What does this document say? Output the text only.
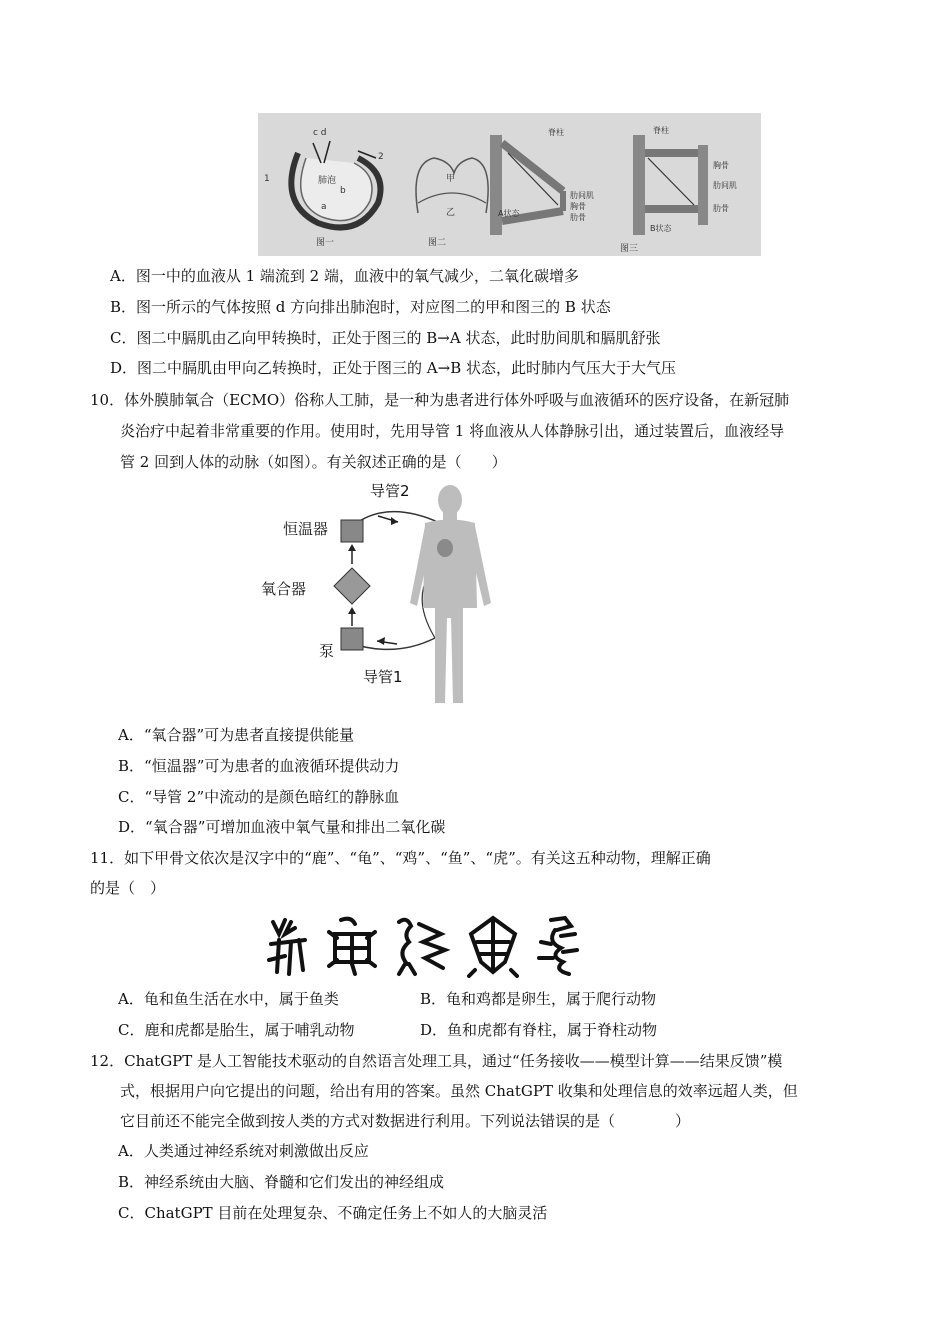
肺泡
c d
b
a
1
2
图一
甲
乙
图二
脊柱
肋间肌
胸骨
肋骨
A状态
脊柱
胸骨
肋间肌
肋骨
B状态
图三
A．图一中的血液从 1 端流到 2 端，血液中的氧气减少，二氧化碳增多
B．图一所示的气体按照 d 方向排出肺泡时，对应图二的甲和图三的 B 状态
C．图二中膈肌由乙向甲转换时，正处于图三的 B→A 状态，此时肋间肌和膈肌舒张
D．图二中膈肌由甲向乙转换时，正处于图三的 A→B 状态，此时肺内气压大于大气压
10．体外膜肺氧合（ECMO）俗称人工肺，是一种为患者进行体外呼吸与血液循环的医疗设备，在新冠肺
炎治疗中起着非常重要的作用。使用时，先用导管 1 将血液从人体静脉引出，通过装置后，血液经导
管 2 回到人体的动脉（如图）。有关叙述正确的是（　　）
导管2
恒温器
氧合器
泵
导管1
A．“氧合器”可为患者直接提供能量
B．“恒温器”可为患者的血液循环提供动力
C．“导管 2”中流动的是颜色暗红的静脉血
D．“氧合器”可增加血液中氧气量和排出二氧化碳
11．如下甲骨文依次是汉字中的“鹿”、“龟”、“鸡”、“鱼”、“虎”。有关这五种动物，理解正确
的是（　）
A．龟和鱼生活在水中，属于鱼类	B．龟和鸡都是卵生，属于爬行动物
C．鹿和虎都是胎生，属于哺乳动物	D．鱼和虎都有脊柱，属于脊柱动物
12．ChatGPT 是人工智能技术驱动的自然语言处理工具，通过“任务接收——模型计算——结果反馈”模
式，根据用户向它提出的问题，给出有用的答案。虽然 ChatGPT 收集和处理信息的效率远超人类，但
它目前还不能完全做到按人类的方式对数据进行利用。下列说法错误的是（　　　　）
A．人类通过神经系统对刺激做出反应
B．神经系统由大脑、脊髓和它们发出的神经组成
C．ChatGPT 目前在处理复杂、不确定任务上不如人的大脑灵活
